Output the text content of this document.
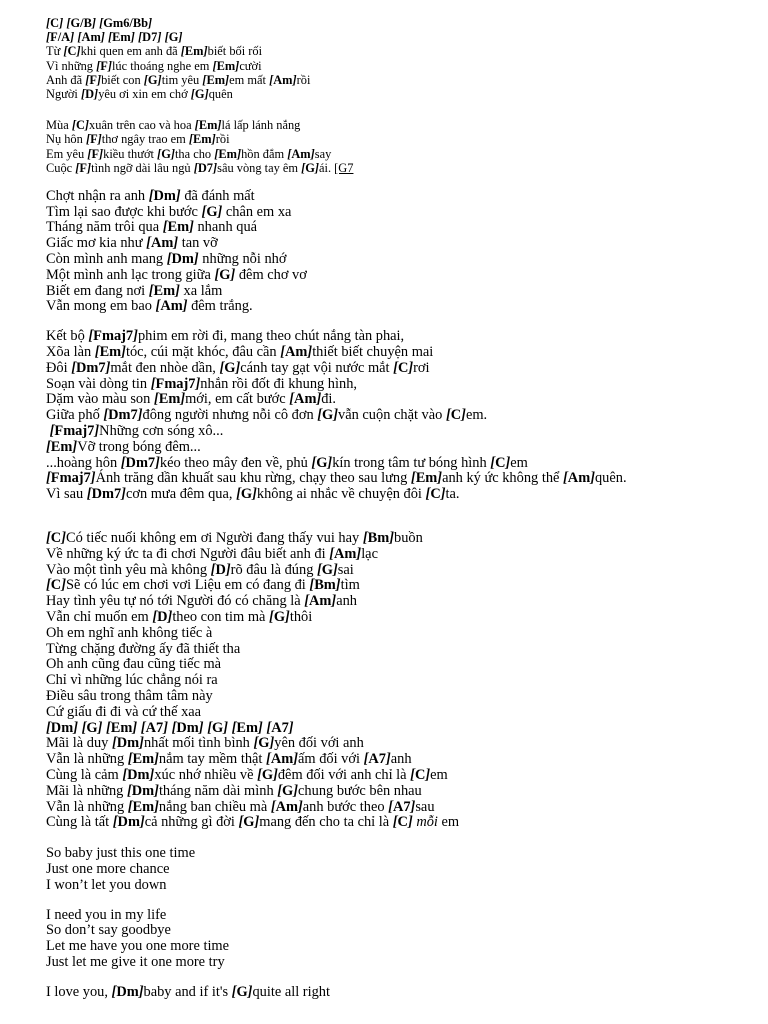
[C] [G/B] [Gm6/Bb]
[F/A] [Am] [Em] [D7] [G]
Từ [C]khi quen em anh đã [Em]biết bối rối
Vì những [F]lúc thoáng nghe em [Em]cười
Anh đã [F]biết con [G]tim yêu [Em]em mất [Am]rồi
Người [D]yêu ơi xin em chớ [G]quên
Mùa [C]xuân trên cao và hoa [Em]lá lấp lánh nắng
Nụ hôn [F]thơ ngây trao em [Em]rồi
Em yêu [F]kiều thướt [G]tha cho [Em]hồn đắm [Am]say
Cuộc [F]tình ngỡ dài lâu ngủ [D7]sâu vòng tay êm [G]ái. [G7
Chợt nhận ra anh [Dm] đã đánh mất
Tìm lại sao được khi bước [G] chân em xa
Tháng năm trôi qua [Em] nhanh quá
Giấc mơ kia như [Am] tan vỡ
Còn mình anh mang [Dm] những nỗi nhớ
Một mình anh lạc trong giữa [G] đêm chơ vơ
Biết em đang nơi [Em] xa lắm
Vẫn mong em bao [Am] đêm trắng.
Kết bộ [Fmaj7]phim em rời đi, mang theo chút nắng tàn phai,
Xõa làn [Em]tóc, cúi mặt khóc, đâu cần [Am]thiết biết chuyện mai
Đôi [Dm7]mắt đen nhòe dần, [G]cánh tay gạt vội nước mắt [C]rơi
Soạn vài dòng tin [Fmaj7]nhắn rồi đốt đi khung hình,
Dặm vào màu son [Em]mới, em cất bước [Am]đi.
Giữa phố [Dm7]đông người nhưng nỗi cô đơn [G]vẫn cuộn chặt vào [C]em.
[Fmaj7]Những cơn sóng xô...
[Em]Vỡ trong bóng đêm...
...hoàng hôn [Dm7]kéo theo mây đen về, phủ [G]kín trong tâm tư bóng hình [C]em
[Fmaj7]Ánh trăng dần khuất sau khu rừng, chạy theo sau lưng [Em]anh ký ức không thể [Am]quên.
Vì sau [Dm7]cơn mưa đêm qua, [G]không ai nhắc về chuyện đôi [C]ta.
[C]Có tiếc nuối không em ơi Người đang thấy vui hay [Bm]buồn
Về những ký ức ta đi chơi Người đâu biết anh đi [Am]lạc
Vào một tình yêu mà không [D]rõ đâu là đúng [G]sai
[C]Sẽ có lúc em chơi vơi Liệu em có đang đi [Bm]tìm
Hay tình yêu tự nó tới Người đó có chăng là [Am]anh
Vẫn chỉ muốn em [D]theo con tim mà [G]thôi
Oh em nghĩ anh không tiếc à
Từng chặng đường ấy đã thiết tha
Oh anh cũng đau cũng tiếc mà
Chỉ vì những lúc chẳng nói ra
Điều sâu trong thâm tâm này
Cứ giấu đi đi và cứ thế xaa
[Dm] [G] [Em] [A7] [Dm] [G] [Em] [A7]
Mãi là duy [Dm]nhất mối tình bình [G]yên đối với anh
Vẫn là những [Em]nắm tay mềm thật [Am]ấm đối với [A7]anh
Cùng là cảm [Dm]xúc nhớ nhiều về [G]đêm đối với anh chỉ là [C]em
Mãi là những [Dm]tháng năm dài mình [G]chung bước bên nhau
Vẫn là những [Em]nắng ban chiều mà [Am]anh bước theo [A7]sau
Cùng là tất [Dm]cả những gì đời [G]mang đến cho ta chỉ là [C] mỗi em
So baby just this one time
Just one more chance
I won’t let you down
I need you in my life
So don’t say goodbye
Let me have you one more time
Just let me give it one more try
I love you, [Dm]baby and if it's [G]quite all right
